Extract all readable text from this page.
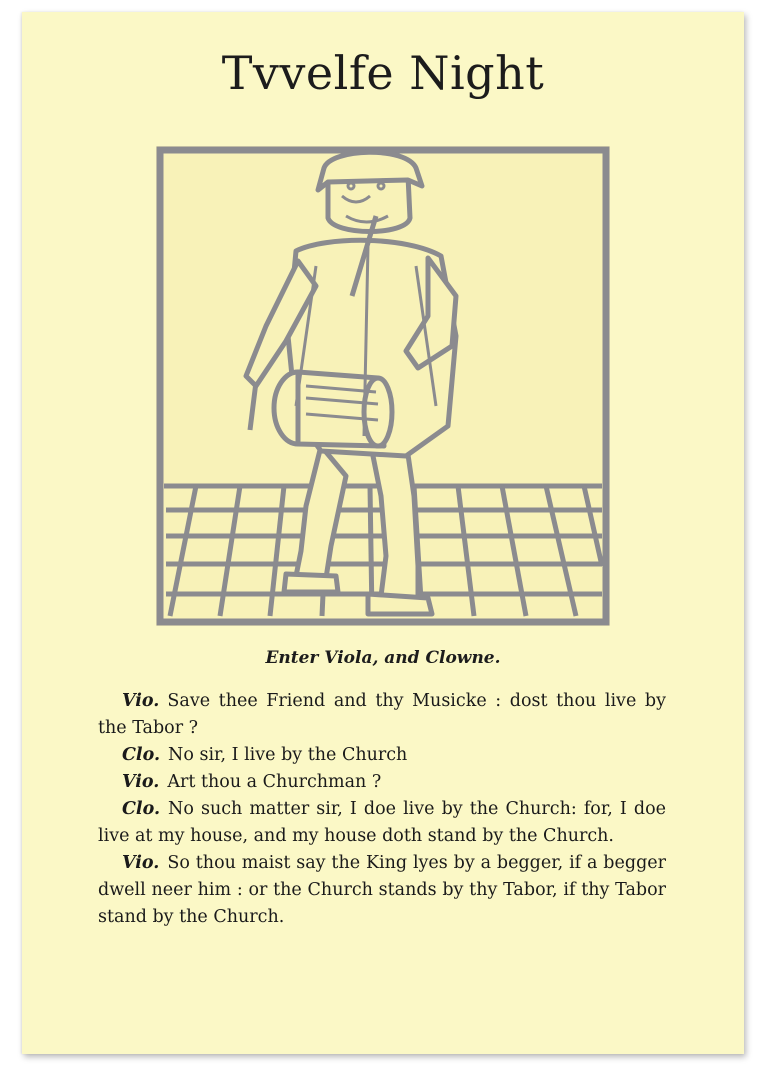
Tvvelfe Night
Enter Viola, and Clowne.

Vio. Save thee Friend and thy Musicke : dost thou live by the Tabor ?

Clo. No sir, I live by the Church

Vio. Art thou a Churchman ?

Clo. No such matter sir, I doe live by the Church: for, I doe live at my house, and my house doth stand by the Church.

Vio. So thou maist say the King lyes by a begger, if a begger dwell neer him : or the Church stands by thy Tabor, if thy Tabor stand by the Church.
